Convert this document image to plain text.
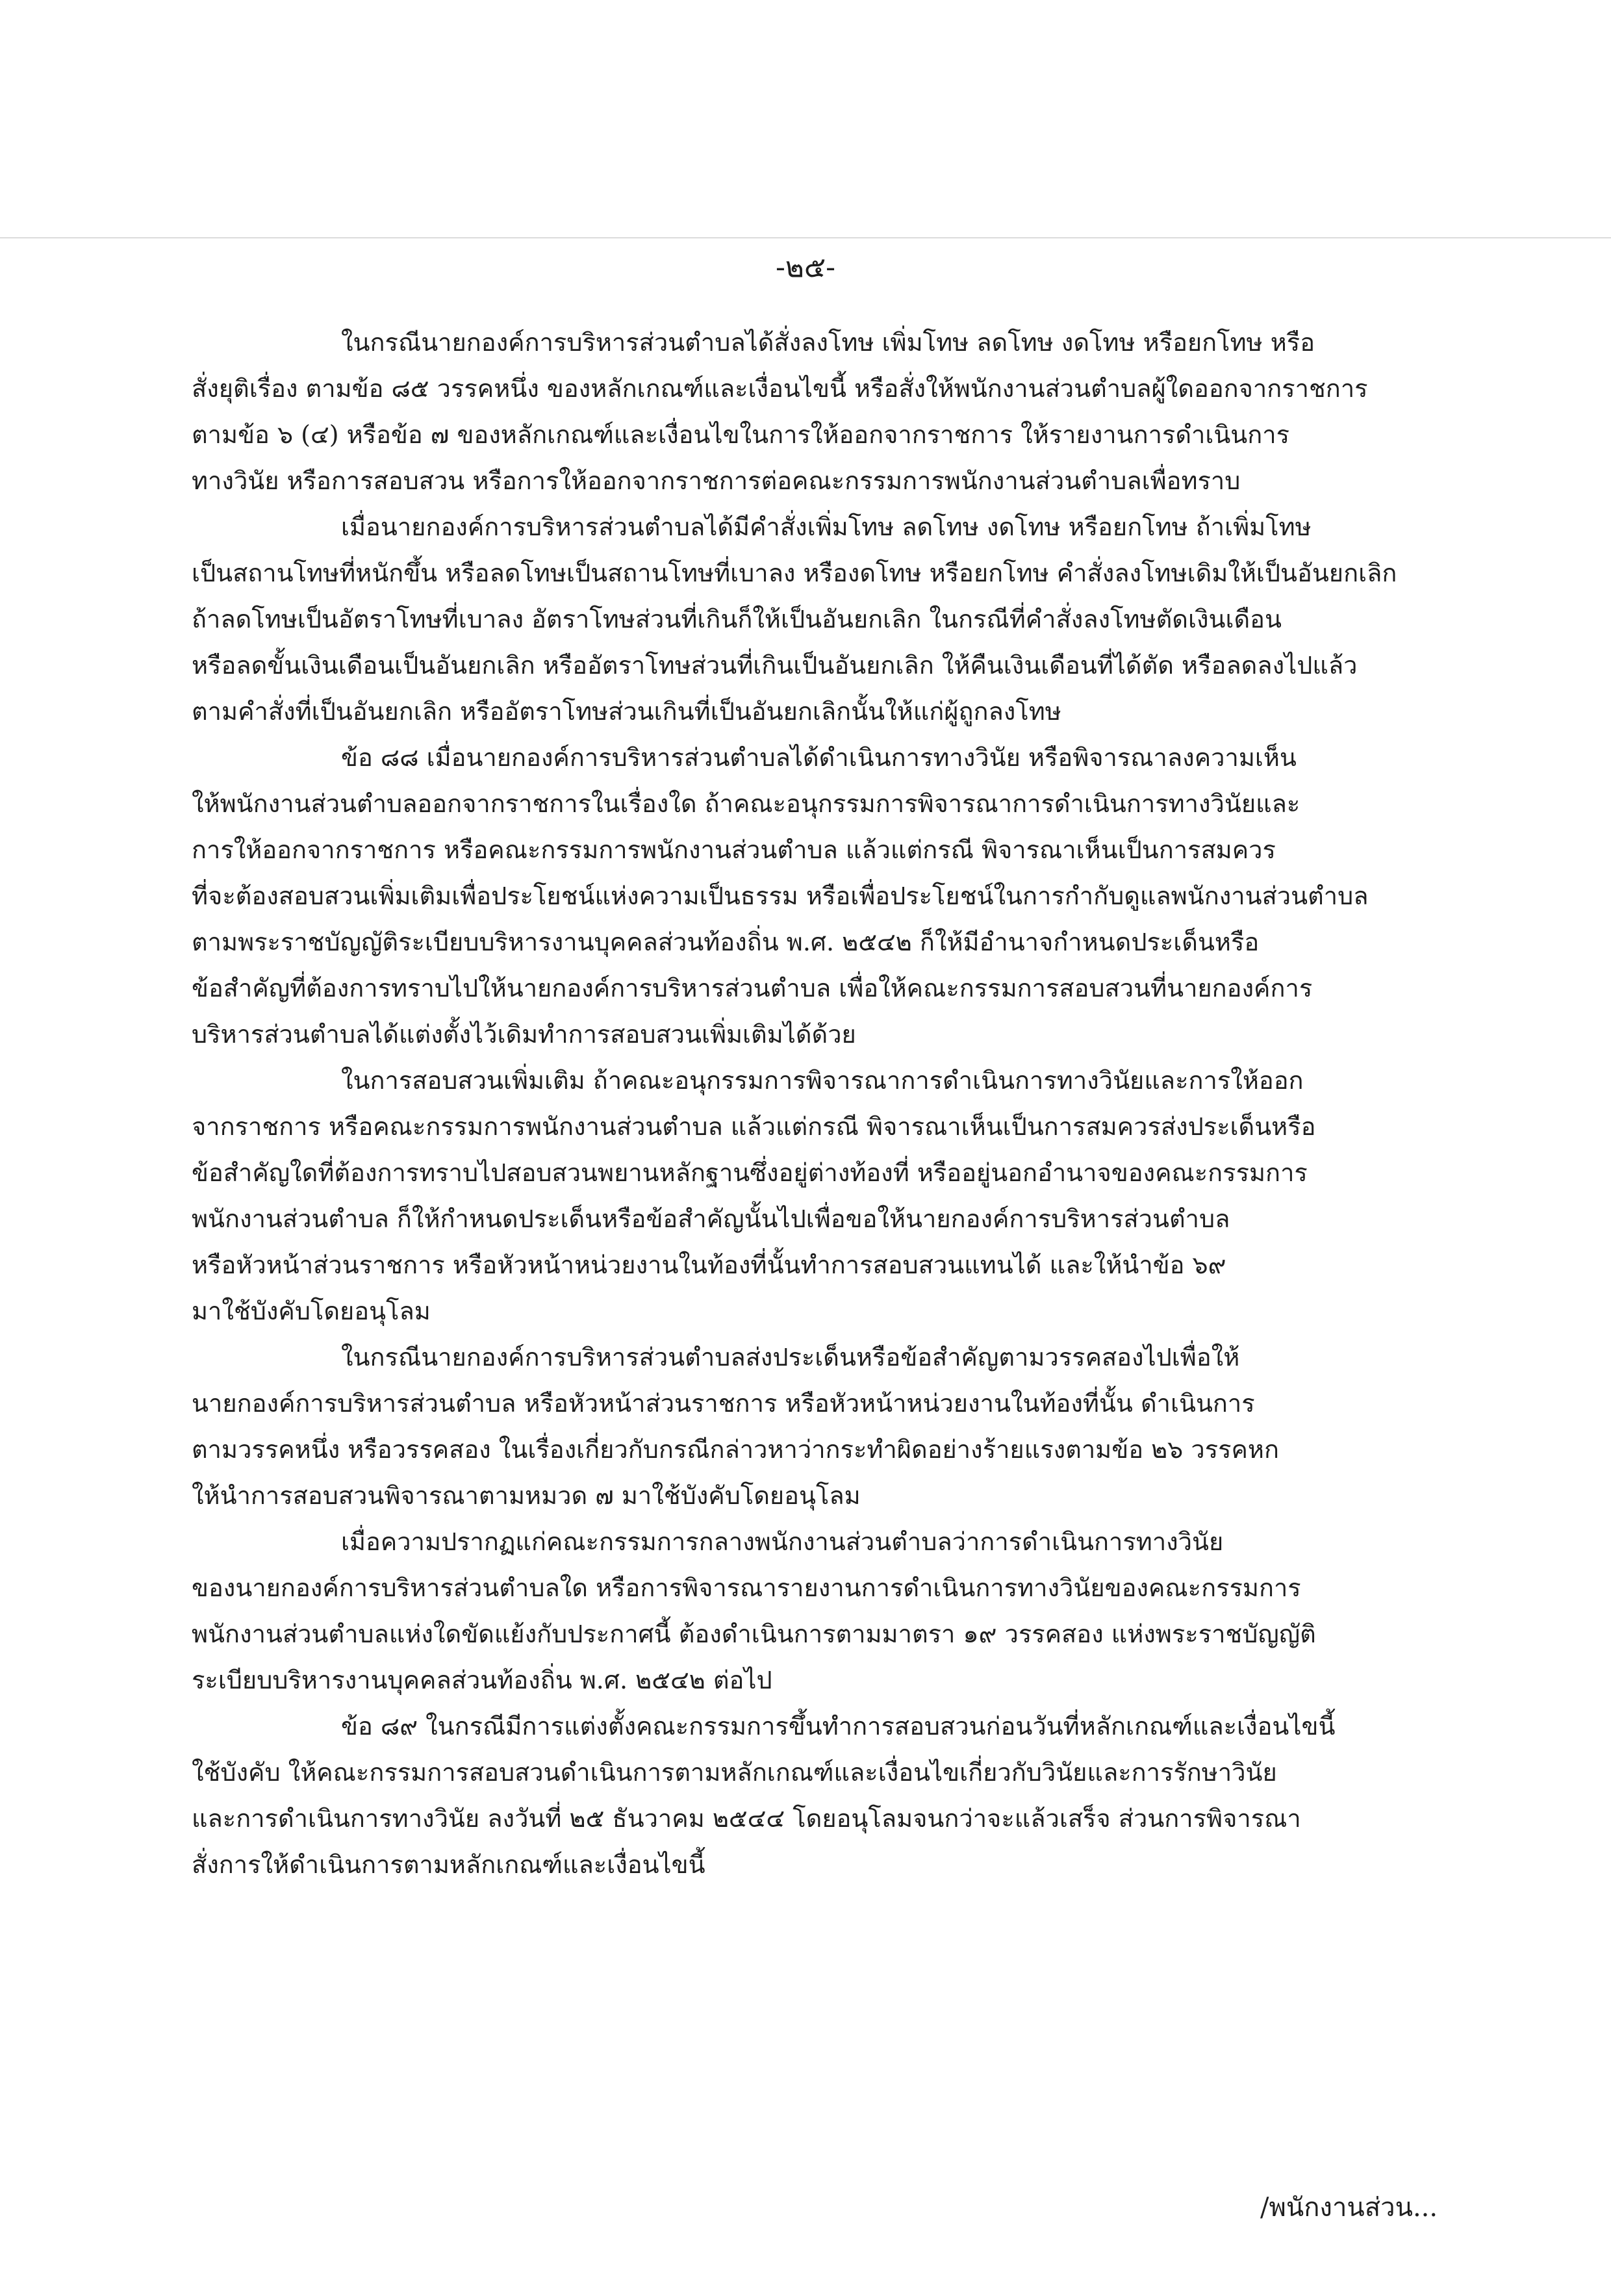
-๒๕-
ในกรณีนายกองค์การบริหารส่วนตำบลได้สั่งลงโทษ เพิ่มโทษ ลดโทษ งดโทษ หรือยกโทษ หรือ
สั่งยุติเรื่อง ตามข้อ ๘๕ วรรคหนึ่ง ของหลักเกณฑ์และเงื่อนไขนี้ หรือสั่งให้พนักงานส่วนตำบลผู้ใดออกจากราชการ
ตามข้อ ๖ (๔) หรือข้อ ๗ ของหลักเกณฑ์และเงื่อนไขในการให้ออกจากราชการ ให้รายงานการดำเนินการ
ทางวินัย หรือการสอบสวน หรือการให้ออกจากราชการต่อคณะกรรมการพนักงานส่วนตำบลเพื่อทราบ
เมื่อนายกองค์การบริหารส่วนตำบลได้มีคำสั่งเพิ่มโทษ ลดโทษ งดโทษ หรือยกโทษ ถ้าเพิ่มโทษ
เป็นสถานโทษที่หนักขึ้น หรือลดโทษเป็นสถานโทษที่เบาลง หรืองดโทษ หรือยกโทษ คำสั่งลงโทษเดิมให้เป็นอันยกเลิก
ถ้าลดโทษเป็นอัตราโทษที่เบาลง อัตราโทษส่วนที่เกินก็ให้เป็นอันยกเลิก ในกรณีที่คำสั่งลงโทษตัดเงินเดือน
หรือลดขั้นเงินเดือนเป็นอันยกเลิก หรืออัตราโทษส่วนที่เกินเป็นอันยกเลิก ให้คืนเงินเดือนที่ได้ตัด หรือลดลงไปแล้ว
ตามคำสั่งที่เป็นอันยกเลิก หรืออัตราโทษส่วนเกินที่เป็นอันยกเลิกนั้นให้แก่ผู้ถูกลงโทษ
ข้อ ๘๘ เมื่อนายกองค์การบริหารส่วนตำบลได้ดำเนินการทางวินัย หรือพิจารณาลงความเห็น
ให้พนักงานส่วนตำบลออกจากราชการในเรื่องใด ถ้าคณะอนุกรรมการพิจารณาการดำเนินการทางวินัยและ
การให้ออกจากราชการ หรือคณะกรรมการพนักงานส่วนตำบล แล้วแต่กรณี พิจารณาเห็นเป็นการสมควร
ที่จะต้องสอบสวนเพิ่มเติมเพื่อประโยชน์แห่งความเป็นธรรม หรือเพื่อประโยชน์ในการกำกับดูแลพนักงานส่วนตำบล
ตามพระราชบัญญัติระเบียบบริหารงานบุคคลส่วนท้องถิ่น พ.ศ. ๒๕๔๒ ก็ให้มีอำนาจกำหนดประเด็นหรือ
ข้อสำคัญที่ต้องการทราบไปให้นายกองค์การบริหารส่วนตำบล เพื่อให้คณะกรรมการสอบสวนที่นายกองค์การ
บริหารส่วนตำบลได้แต่งตั้งไว้เดิมทำการสอบสวนเพิ่มเติมได้ด้วย
ในการสอบสวนเพิ่มเติม ถ้าคณะอนุกรรมการพิจารณาการดำเนินการทางวินัยและการให้ออก
จากราชการ หรือคณะกรรมการพนักงานส่วนตำบล แล้วแต่กรณี พิจารณาเห็นเป็นการสมควรส่งประเด็นหรือ
ข้อสำคัญใดที่ต้องการทราบไปสอบสวนพยานหลักฐานซึ่งอยู่ต่างท้องที่ หรืออยู่นอกอำนาจของคณะกรรมการ
พนักงานส่วนตำบล ก็ให้กำหนดประเด็นหรือข้อสำคัญนั้นไปเพื่อขอให้นายกองค์การบริหารส่วนตำบล
หรือหัวหน้าส่วนราชการ หรือหัวหน้าหน่วยงานในท้องที่นั้นทำการสอบสวนแทนได้ และให้นำข้อ ๖๙
มาใช้บังคับโดยอนุโลม
ในกรณีนายกองค์การบริหารส่วนตำบลส่งประเด็นหรือข้อสำคัญตามวรรคสองไปเพื่อให้
นายกองค์การบริหารส่วนตำบล หรือหัวหน้าส่วนราชการ หรือหัวหน้าหน่วยงานในท้องที่นั้น ดำเนินการ
ตามวรรคหนึ่ง หรือวรรคสอง ในเรื่องเกี่ยวกับกรณีกล่าวหาว่ากระทำผิดอย่างร้ายแรงตามข้อ ๒๖ วรรคหก
ให้นำการสอบสวนพิจารณาตามหมวด ๗ มาใช้บังคับโดยอนุโลม
เมื่อความปรากฏแก่คณะกรรมการกลางพนักงานส่วนตำบลว่าการดำเนินการทางวินัย
ของนายกองค์การบริหารส่วนตำบลใด หรือการพิจารณารายงานการดำเนินการทางวินัยของคณะกรรมการ
พนักงานส่วนตำบลแห่งใดขัดแย้งกับประกาศนี้ ต้องดำเนินการตามมาตรา ๑๙ วรรคสอง แห่งพระราชบัญญัติ
ระเบียบบริหารงานบุคคลส่วนท้องถิ่น พ.ศ. ๒๕๔๒ ต่อไป
ข้อ ๘๙ ในกรณีมีการแต่งตั้งคณะกรรมการขึ้นทำการสอบสวนก่อนวันที่หลักเกณฑ์และเงื่อนไขนี้
ใช้บังคับ ให้คณะกรรมการสอบสวนดำเนินการตามหลักเกณฑ์และเงื่อนไขเกี่ยวกับวินัยและการรักษาวินัย
และการดำเนินการทางวินัย ลงวันที่ ๒๕ ธันวาคม ๒๕๔๔ โดยอนุโลมจนกว่าจะแล้วเสร็จ ส่วนการพิจารณา
สั่งการให้ดำเนินการตามหลักเกณฑ์และเงื่อนไขนี้
/พนักงานส่วน...
